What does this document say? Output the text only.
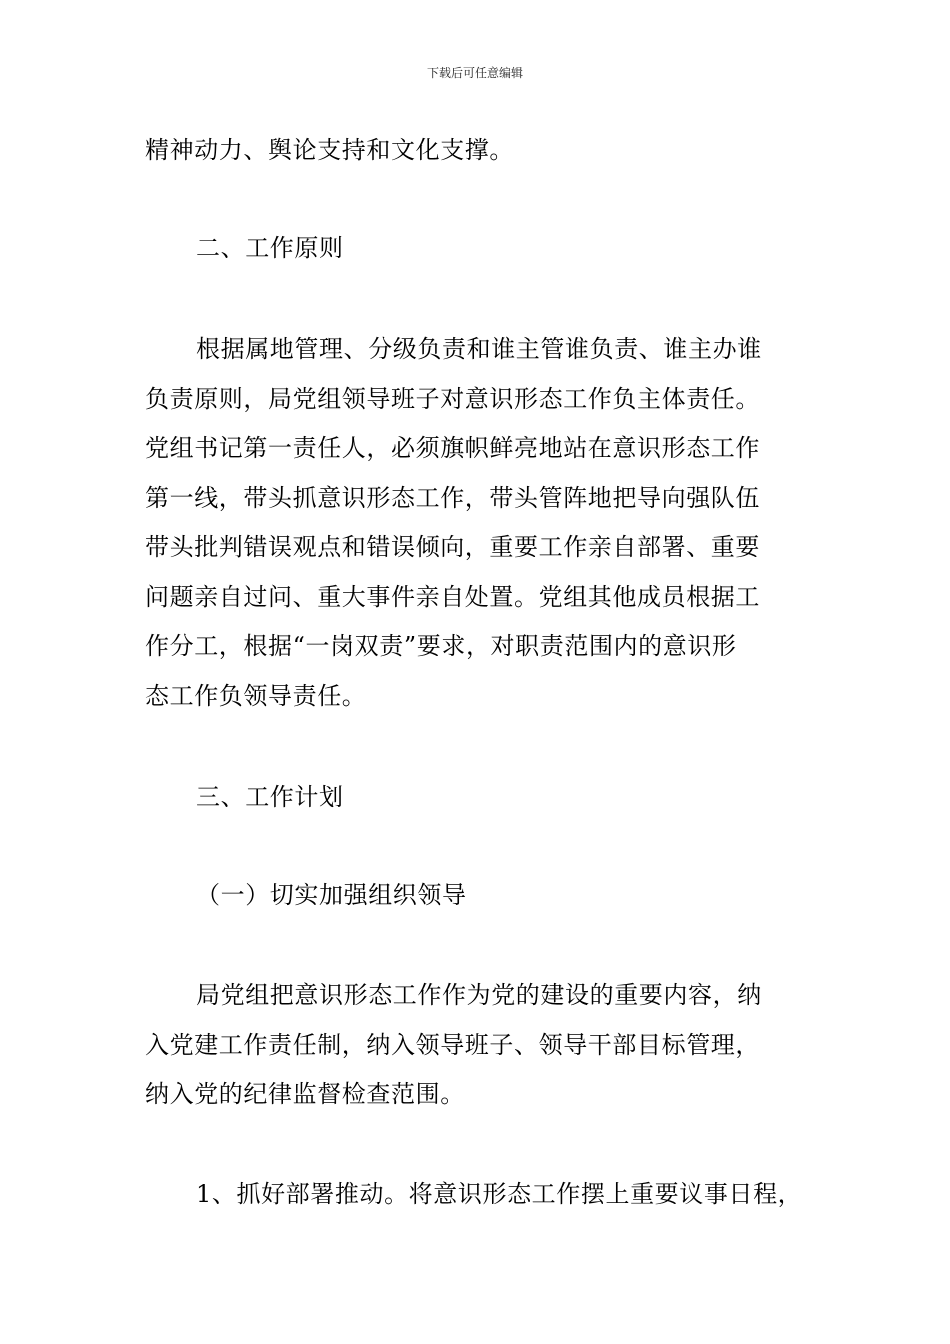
下载后可任意编辑
精神动力、舆论支持和文化支撑。
二、工作原则
根据属地管理、分级负责和谁主管谁负责、谁主办谁
负责原则，局党组领导班子对意识形态工作负主体责任。
党组书记第一责任人，必须旗帜鲜亮地站在意识形态工作
第一线，带头抓意识形态工作，带头管阵地把导向强队伍
带头批判错误观点和错误倾向，重要工作亲自部署、重要
问题亲自过问、重大事件亲自处置。党组其他成员根据工
作分工，根据“一岗双责”要求，对职责范围内的意识形
态工作负领导责任。
三、工作计划
（一）切实加强组织领导
局党组把意识形态工作作为党的建设的重要内容，纳
入党建工作责任制，纳入领导班子、领导干部目标管理，
纳入党的纪律监督检查范围。
1、抓好部署推动。将意识形态工作摆上重要议事日程，
